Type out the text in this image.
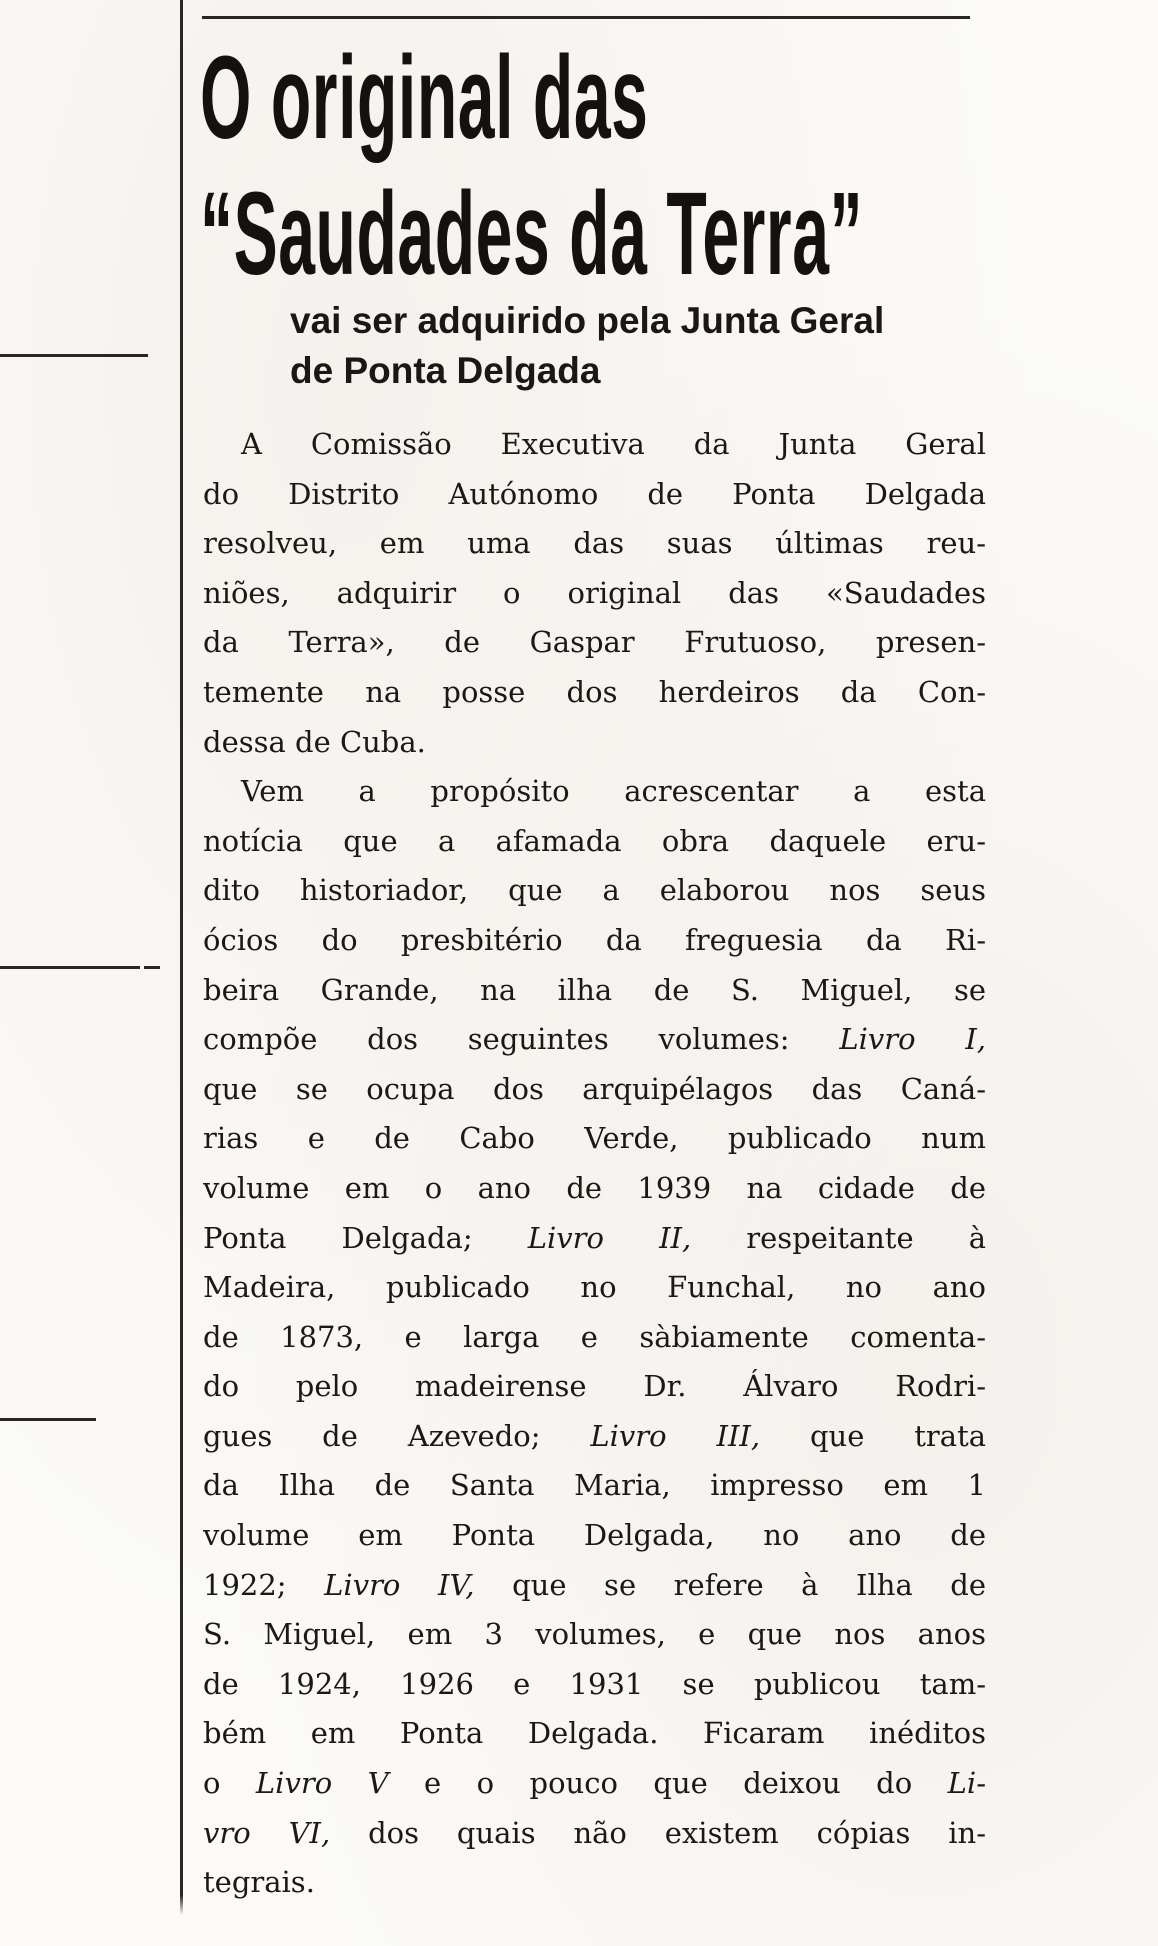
O original das
“Saudades da Terra”
vai ser adquirido pela Junta Geral
de Ponta Delgada
A Comissão Executiva da Junta Geral
do Distrito Autónomo de Ponta Delgada
resolveu, em uma das suas últimas reu-
niões, adquirir o original das «Saudades
da Terra», de Gaspar Frutuoso, presen-
temente na posse dos herdeiros da Con-
dessa de Cuba.
Vem a propósito acrescentar a esta
notícia que a afamada obra daquele eru-
dito historiador, que a elaborou nos seus
ócios do presbitério da freguesia da Ri-
beira Grande, na ilha de S. Miguel, se
compõe dos seguintes volumes: Livro I,
que se ocupa dos arquipélagos das Caná-
rias e de Cabo Verde, publicado num
volume em o ano de 1939 na cidade de
Ponta Delgada; Livro II, respeitante à
Madeira, publicado no Funchal, no ano
de 1873, e larga e sàbiamente comenta-
do pelo madeirense Dr. Álvaro Rodri-
gues de Azevedo; Livro III, que trata
da Ilha de Santa Maria, impresso em 1
volume em Ponta Delgada, no ano de
1922; Livro IV, que se refere à Ilha de
S. Miguel, em 3 volumes, e que nos anos
de 1924, 1926 e 1931 se publicou tam-
bém em Ponta Delgada. Ficaram inéditos
o Livro V e o pouco que deixou do Li-
vro VI, dos quais não existem cópias in-
tegrais.
